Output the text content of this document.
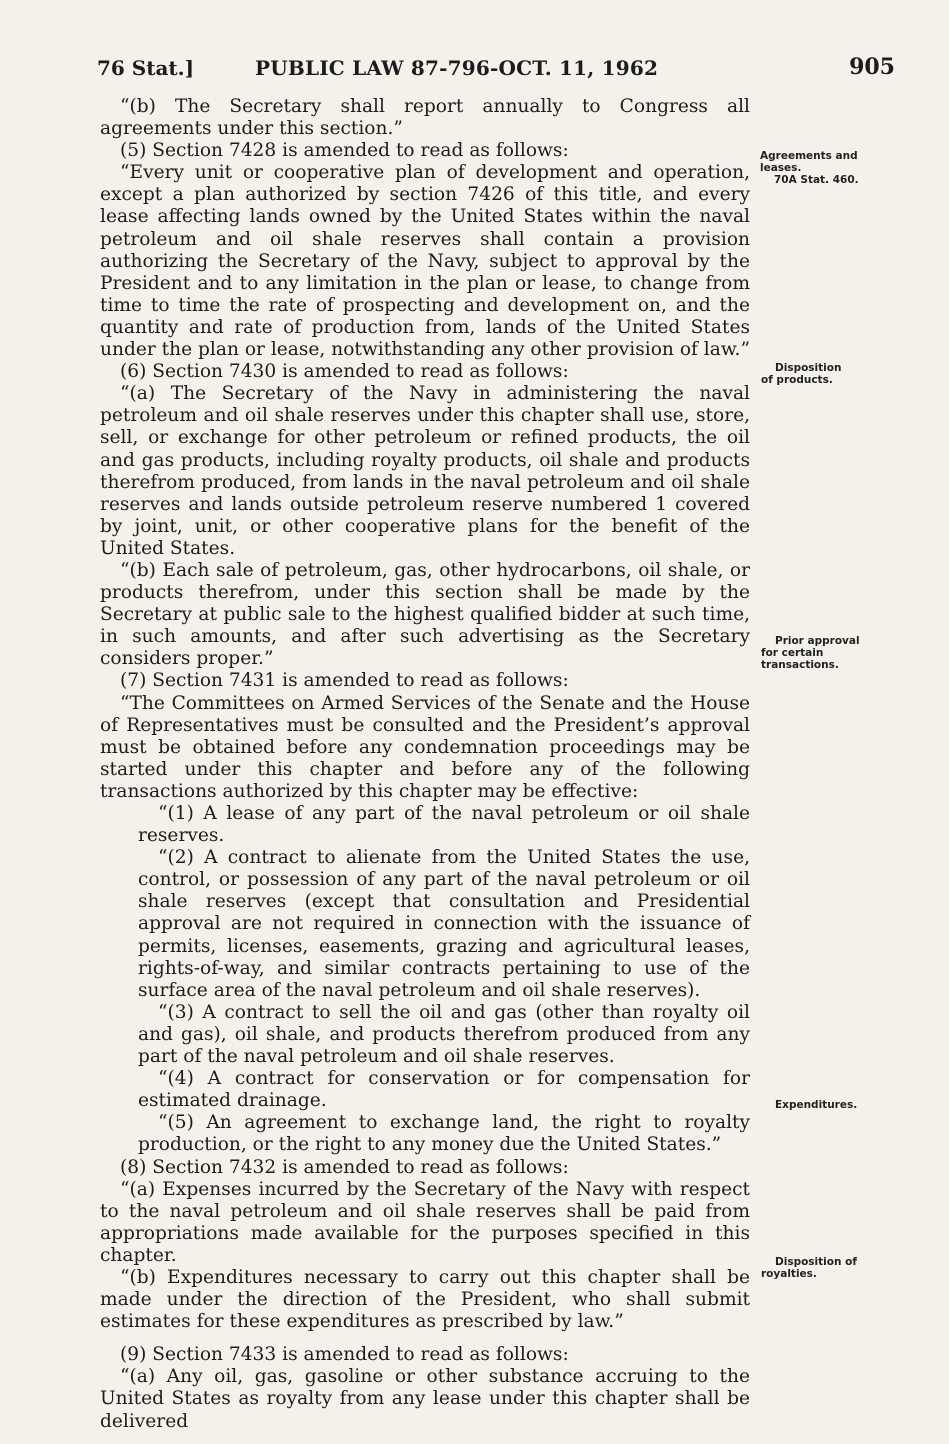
76 Stat.]	PUBLIC LAW 87-796-OCT. 11, 1962	905

“(b) The Secretary shall report annually to Congress all agreements under this section.”

(5) Section 7428 is amended to read as follows:

“Every unit or cooperative plan of development and operation, except a plan authorized by section 7426 of this title, and every lease affecting lands owned by the United States within the naval petroleum and oil shale reserves shall contain a provision authorizing the Secretary of the Navy, subject to approval by the President and to any limitation in the plan or lease, to change from time to time the rate of prospecting and development on, and the quantity and rate of production from, lands of the United States under the plan or lease, notwithstanding any other provision of law.”

(6) Section 7430 is amended to read as follows:

“(a) The Secretary of the Navy in administering the naval petroleum and oil shale reserves under this chapter shall use, store, sell, or exchange for other petroleum or refined products, the oil and gas products, including royalty products, oil shale and products therefrom produced, from lands in the naval petroleum and oil shale reserves and lands outside petroleum reserve numbered 1 covered by joint, unit, or other cooperative plans for the benefit of the United States.

“(b) Each sale of petroleum, gas, other hydrocarbons, oil shale, or products therefrom, under this section shall be made by the Secretary at public sale to the highest qualified bidder at such time, in such amounts, and after such advertising as the Secretary considers proper.”

(7) Section 7431 is amended to read as follows:

“The Committees on Armed Services of the Senate and the House of Representatives must be consulted and the President’s approval must be obtained before any condemnation proceedings may be started under this chapter and before any of the following transactions authorized by this chapter may be effective:

“(1) A lease of any part of the naval petroleum or oil shale reserves.

“(2) A contract to alienate from the United States the use, control, or possession of any part of the naval petroleum or oil shale reserves (except that consultation and Presidential approval are not required in connection with the issuance of permits, licenses, easements, grazing and agricultural leases, rights-of-way, and similar contracts pertaining to use of the surface area of the naval petroleum and oil shale reserves).

“(3) A contract to sell the oil and gas (other than royalty oil and gas), oil shale, and products therefrom produced from any part of the naval petroleum and oil shale reserves.

“(4) A contract for conservation or for compensation for estimated drainage.

“(5) An agreement to exchange land, the right to royalty production, or the right to any money due the United States.”

(8) Section 7432 is amended to read as follows:

“(a) Expenses incurred by the Secretary of the Navy with respect to the naval petroleum and oil shale reserves shall be paid from appropriations made available for the purposes specified in this chapter.

“(b) Expenditures necessary to carry out this chapter shall be made under the direction of the President, who shall submit estimates for these expenditures as prescribed by law.”

(9) Section 7433 is amended to read as follows:

“(a) Any oil, gas, gasoline or other substance accruing to the United States as royalty from any lease under this chapter shall be delivered

Agreements and
leases.
70A Stat. 460.
Disposition
of products.
Prior approval
for certain
transactions.
Expenditures.
Disposition of
royalties.
